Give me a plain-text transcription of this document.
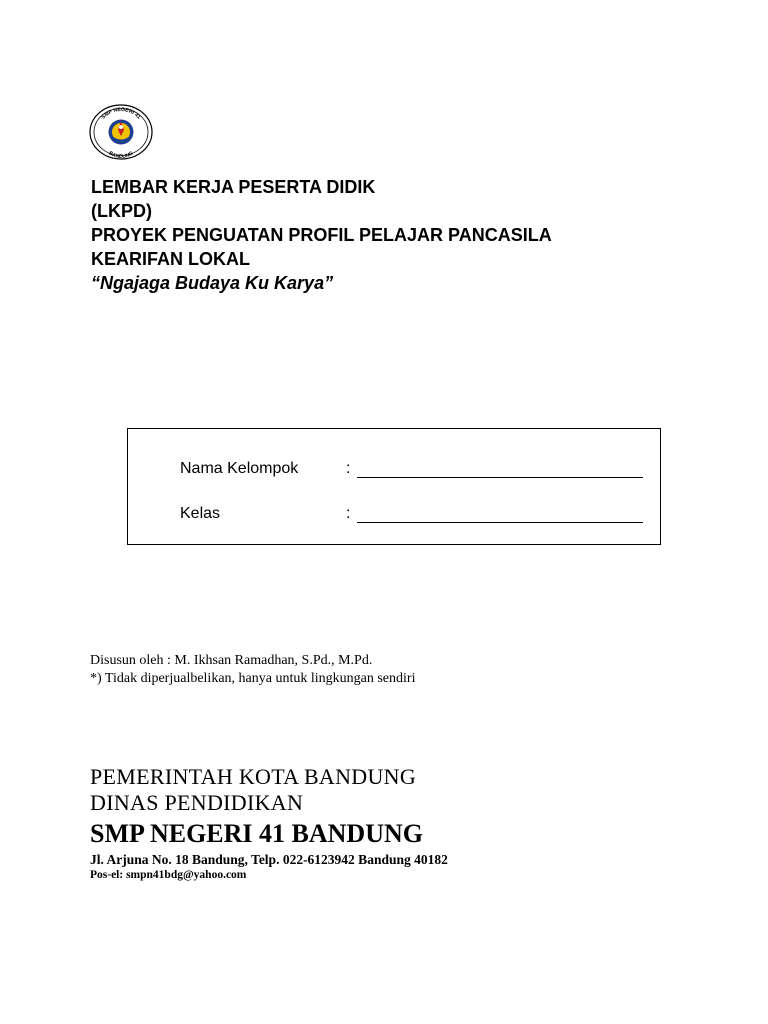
SMP NEGERI 41
BANDUNG
LEMBAR KERJA PESERTA DIDIK
(LKPD)
PROYEK PENGUATAN PROFIL PELAJAR PANCASILA
KEARIFAN LOKAL
“Ngajaga Budaya Ku Karya”
Nama Kelompok	:
Kelas	:
Disusun oleh : M. Ikhsan Ramadhan, S.Pd., M.Pd.
*) Tidak diperjualbelikan, hanya untuk lingkungan sendiri
PEMERINTAH KOTA BANDUNG
DINAS PENDIDIKAN
SMP NEGERI 41 BANDUNG
Jl. Arjuna No. 18 Bandung, Telp. 022-6123942 Bandung 40182
Pos-el: smpn41bdg@yahoo.com
